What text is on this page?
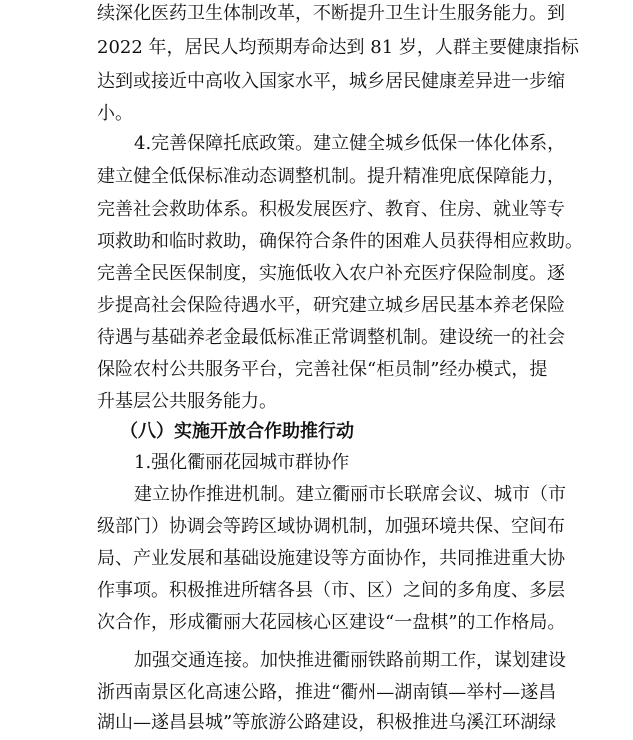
续深化医药卫生体制改革，不断提升卫生计生服务能力。到
2022 年，居民人均预期寿命达到 81 岁，人群主要健康指标
达到或接近中高收入国家水平，城乡居民健康差异进一步缩
小。
4.完善保障托底政策。建立健全城乡低保一体化体系，
建立健全低保标准动态调整机制。提升精准兜底保障能力，
完善社会救助体系。积极发展医疗、教育、住房、就业等专
项救助和临时救助，确保符合条件的困难人员获得相应救助。
完善全民医保制度，实施低收入农户补充医疗保险制度。逐
步提高社会保险待遇水平，研究建立城乡居民基本养老保险
待遇与基础养老金最低标准正常调整机制。建设统一的社会
保险农村公共服务平台，完善社保“柜员制”经办模式，提
升基层公共服务能力。
（八）实施开放合作助推行动
1.强化衢丽花园城市群协作
建立协作推进机制。建立衢丽市长联席会议、城市（市
级部门）协调会等跨区域协调机制，加强环境共保、空间布
局、产业发展和基础设施建设等方面协作，共同推进重大协
作事项。积极推进所辖各县（市、区）之间的多角度、多层
次合作，形成衢丽大花园核心区建设“一盘棋”的工作格局。
加强交通连接。加快推进衢丽铁路前期工作，谋划建设
浙西南景区化高速公路，推进“衢州—湖南镇—举村—遂昌
湖山—遂昌县城”等旅游公路建设，积极推进乌溪江环湖绿
